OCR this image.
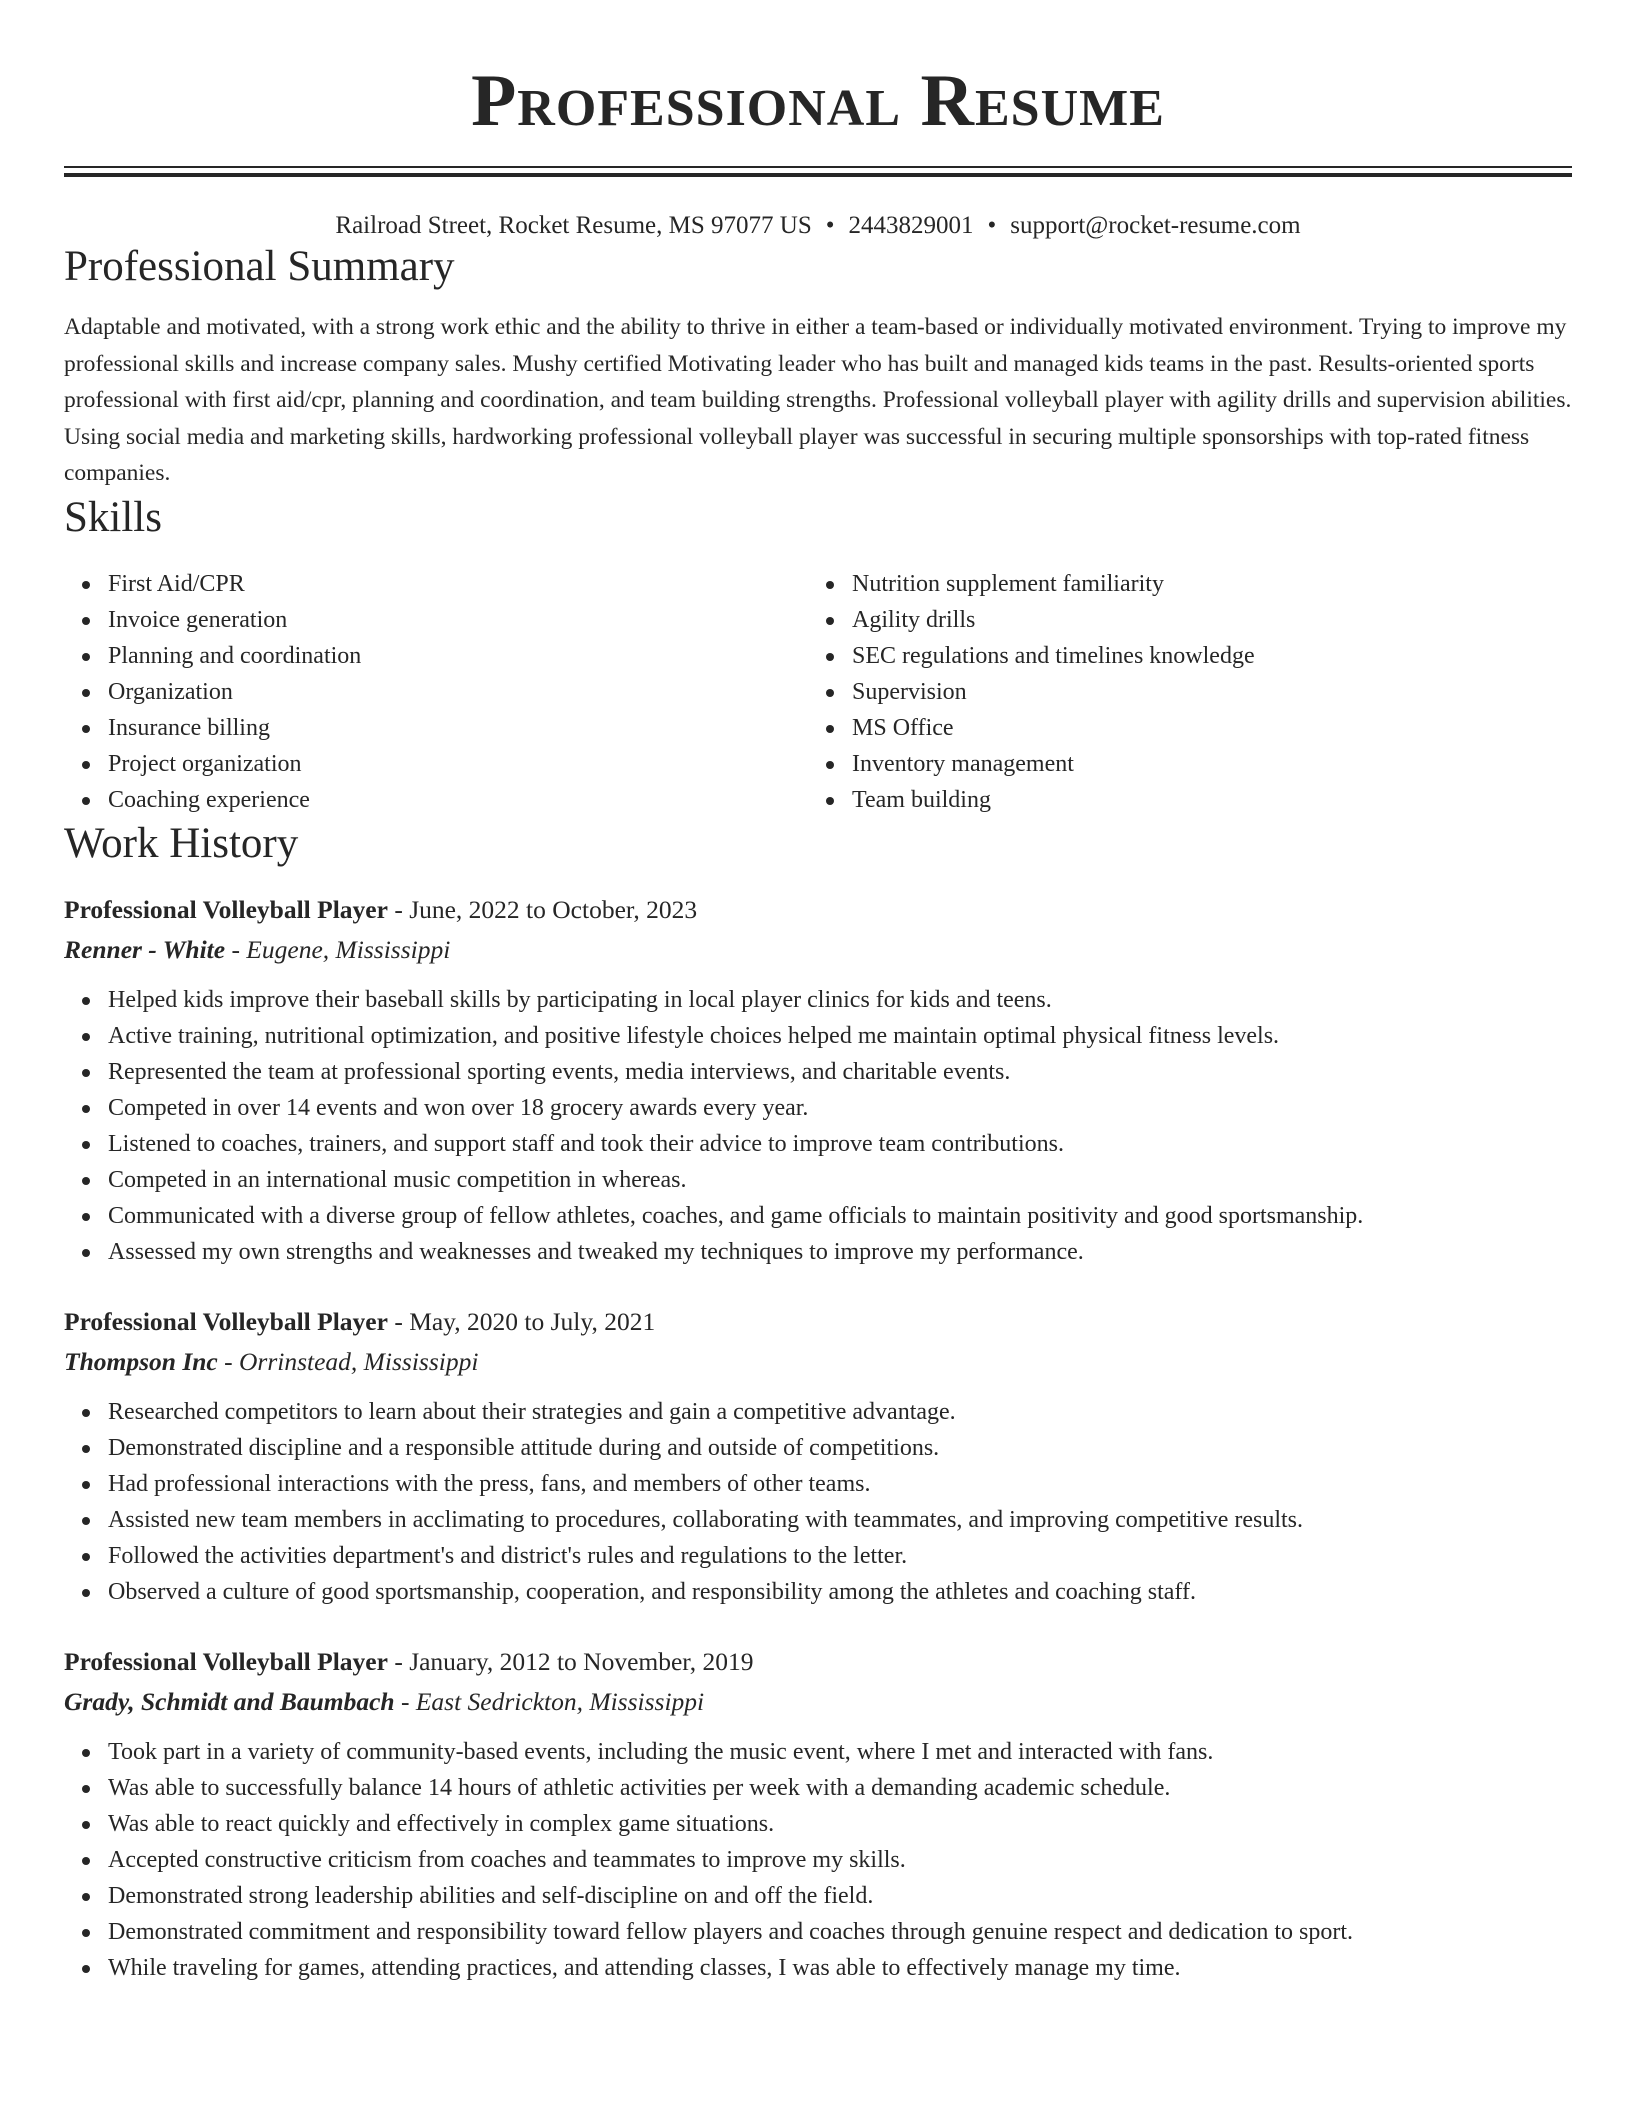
Professional Resume
Railroad Street, Rocket Resume, MS 97077 US • 2443829001 • support@rocket-resume.com
Professional Summary
Adaptable and motivated, with a strong work ethic and the ability to thrive in either a team-based or individually motivated environment. Trying to improve my professional skills and increase company sales. Mushy certified Motivating leader who has built and managed kids teams in the past. Results-oriented sports professional with first aid/cpr, planning and coordination, and team building strengths. Professional volleyball player with agility drills and supervision abilities. Using social media and marketing skills, hardworking professional volleyball player was successful in securing multiple sponsorships with top-rated fitness companies.
Skills
First Aid/CPR
Invoice generation
Planning and coordination
Organization
Insurance billing
Project organization
Coaching experience
Nutrition supplement familiarity
Agility drills
SEC regulations and timelines knowledge
Supervision
MS Office
Inventory management
Team building
Work History
Professional Volleyball Player - June, 2022 to October, 2023
Renner - White - Eugene, Mississippi
Helped kids improve their baseball skills by participating in local player clinics for kids and teens.
Active training, nutritional optimization, and positive lifestyle choices helped me maintain optimal physical fitness levels.
Represented the team at professional sporting events, media interviews, and charitable events.
Competed in over 14 events and won over 18 grocery awards every year.
Listened to coaches, trainers, and support staff and took their advice to improve team contributions.
Competed in an international music competition in whereas.
Communicated with a diverse group of fellow athletes, coaches, and game officials to maintain positivity and good sportsmanship.
Assessed my own strengths and weaknesses and tweaked my techniques to improve my performance.
Professional Volleyball Player - May, 2020 to July, 2021
Thompson Inc - Orrinstead, Mississippi
Researched competitors to learn about their strategies and gain a competitive advantage.
Demonstrated discipline and a responsible attitude during and outside of competitions.
Had professional interactions with the press, fans, and members of other teams.
Assisted new team members in acclimating to procedures, collaborating with teammates, and improving competitive results.
Followed the activities department's and district's rules and regulations to the letter.
Observed a culture of good sportsmanship, cooperation, and responsibility among the athletes and coaching staff.
Professional Volleyball Player - January, 2012 to November, 2019
Grady, Schmidt and Baumbach - East Sedrickton, Mississippi
Took part in a variety of community-based events, including the music event, where I met and interacted with fans.
Was able to successfully balance 14 hours of athletic activities per week with a demanding academic schedule.
Was able to react quickly and effectively in complex game situations.
Accepted constructive criticism from coaches and teammates to improve my skills.
Demonstrated strong leadership abilities and self-discipline on and off the field.
Demonstrated commitment and responsibility toward fellow players and coaches through genuine respect and dedication to sport.
While traveling for games, attending practices, and attending classes, I was able to effectively manage my time.
